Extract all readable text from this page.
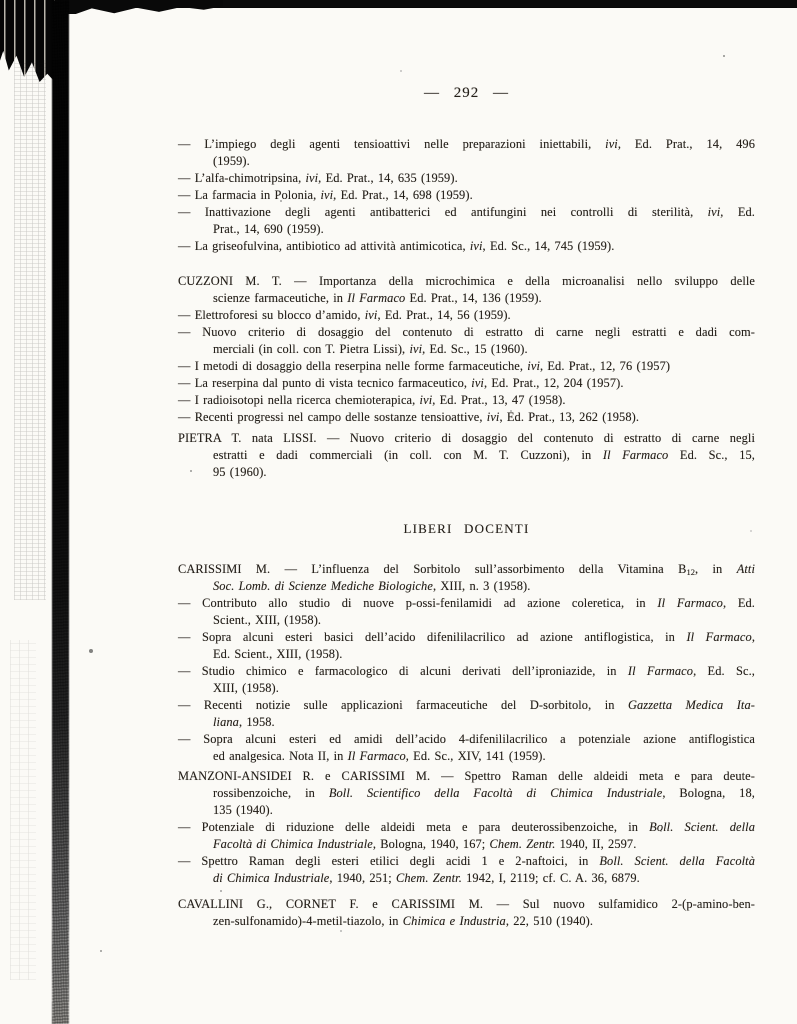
— 292 —
LIBERI DOCENTI
— L’impiego degli agenti tensioattivi nelle preparazioni iniettabili, ivi, Ed. Prat., 14, 496
(1959).
— L’alfa-chimotripsina, ivi, Ed. Prat., 14, 635 (1959).
— La farmacia in Polonia, ivi, Ed. Prat., 14, 698 (1959).
— Inattivazione degli agenti antibatterici ed antifungini nei controlli di sterilità, ivi, Ed.
Prat., 14, 690 (1959).
— La griseofulvina, antibiotico ad attività antimicotica, ivi, Ed. Sc., 14, 745 (1959).
CUZZONI M. T. — Importanza della microchimica e della microanalisi nello sviluppo delle
scienze farmaceutiche, in Il Farmaco Ed. Prat., 14, 136 (1959).
— Elettroforesi su blocco d’amido, ivi, Ed. Prat., 14, 56 (1959).
— Nuovo criterio di dosaggio del contenuto di estratto di carne negli estratti e dadi com-
merciali (in coll. con T. Pietra Lissi), ivi, Ed. Sc., 15 (1960).
— I metodi di dosaggio della reserpina nelle forme farmaceutiche, ivi, Ed. Prat., 12, 76 (1957)
— La reserpina dal punto di vista tecnico farmaceutico, ivi, Ed. Prat., 12, 204 (1957).
— I radioisotopi nella ricerca chemioterapica, ivi, Ed. Prat., 13, 47 (1958).
— Recenti progressi nel campo delle sostanze tensioattive, ivi, Ed. Prat., 13, 262 (1958).
PIETRA T. nata LISSI. — Nuovo criterio di dosaggio del contenuto di estratto di carne negli
estratti e dadi commerciali (in coll. con M. T. Cuzzoni), in Il Farmaco Ed. Sc., 15,
95 (1960).
CARISSIMI M. — L’influenza del Sorbitolo sull’assorbimento della Vitamina $B_{12}$, in Atti
Soc. Lomb. di Scienze Mediche Biologiche, XIII, n. 3 (1958).
— Contributo allo studio di nuove p-ossi-fenilamidi ad azione coleretica, in Il Farmaco, Ed.
Scient., XIII, (1958).
— Sopra alcuni esteri basici dell’acido difenililacrilico ad azione antiflogistica, in Il Farmaco,
Ed. Scient., XIII, (1958).
— Studio chimico e farmacologico di alcuni derivati dell’iproniazide, in Il Farmaco, Ed. Sc.,
XIII, (1958).
— Recenti notizie sulle applicazioni farmaceutiche del D-sorbitolo, in Gazzetta Medica Ita-
liana, 1958.
— Sopra alcuni esteri ed amidi dell’acido 4-difenililacrilico a potenziale azione antiflogistica
ed analgesica. Nota II, in Il Farmaco, Ed. Sc., XIV, 141 (1959).
MANZONI-ANSIDEI R. e CARISSIMI M. — Spettro Raman delle aldeidi meta e para deute-
rossibenzoiche, in Boll. Scientifico della Facoltà di Chimica Industriale, Bologna, 18,
135 (1940).
— Potenziale di riduzione delle aldeidi meta e para deuterossibenzoiche, in Boll. Scient. della
Facoltà di Chimica Industriale, Bologna, 1940, 167; Chem. Zentr. 1940, II, 2597.
— Spettro Raman degli esteri etilici degli acidi 1 e 2-naftoici, in Boll. Scient. della Facoltà
di Chimica Industriale, 1940, 251; Chem. Zentr. 1942, I, 2119; cf. C. A. 36, 6879.
CAVALLINI G., CORNET F. e CARISSIMI M. — Sul nuovo sulfamidico 2-(p-amino-ben-
zen-sulfonamido)-4-metil-tiazolo, in Chimica e Industria, 22, 510 (1940).
